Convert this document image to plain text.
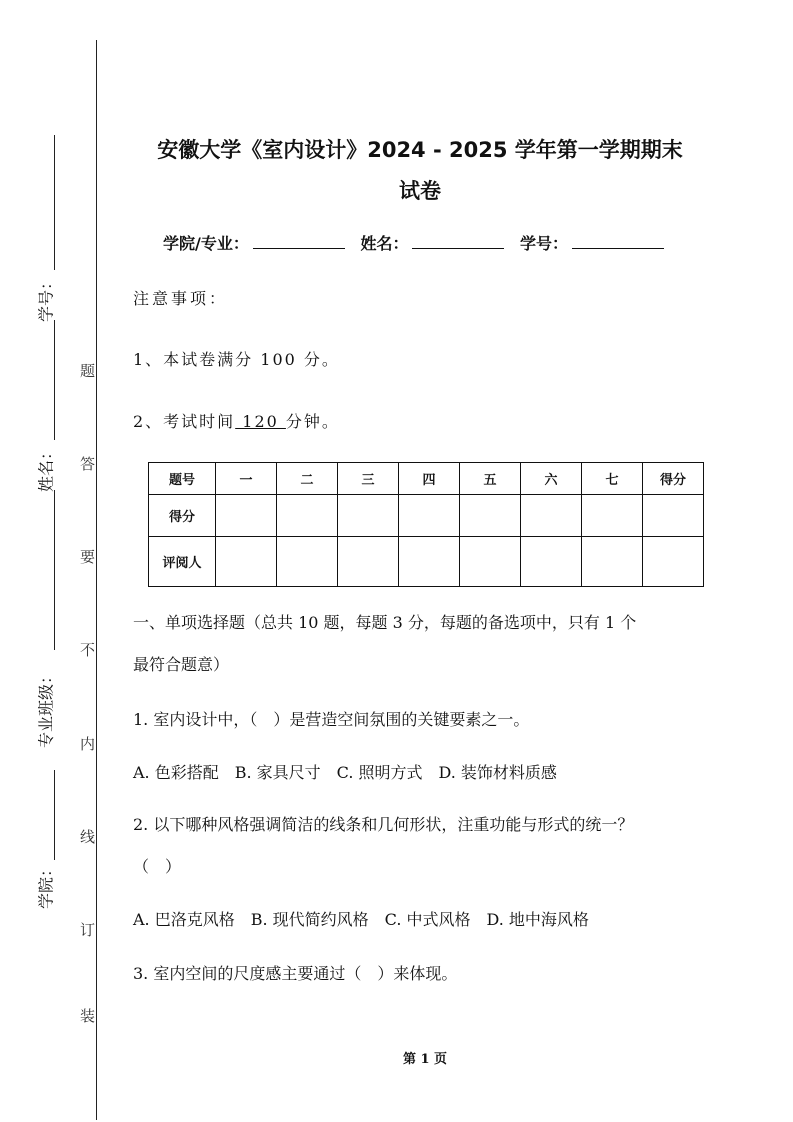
学号：
姓名：
专业班级：
学院：
题
答
要
不
内
线
订
装
安徽大学《室内设计》2024 - 2025 学年第一学期期末
试卷
学院/专业：	姓名：	学号：
注意事项：
1、本试卷满分 100 分。
2、考试时间 120 分钟。
题号	一	二	三	四	五	六	七	得分
得分								
评阅人								
一、单项选择题（总共 10 题，每题 3 分，每题的备选项中，只有 1 个
最符合题意）
1. 室内设计中，（　）是营造空间氛围的关键要素之一。
A. 色彩搭配　B. 家具尺寸　C. 照明方式　D. 装饰材料质感
2. 以下哪种风格强调简洁的线条和几何形状，注重功能与形式的统一？
（　）
A. 巴洛克风格　B. 现代简约风格　C. 中式风格　D. 地中海风格
3. 室内空间的尺度感主要通过（　）来体现。
第 1 页
